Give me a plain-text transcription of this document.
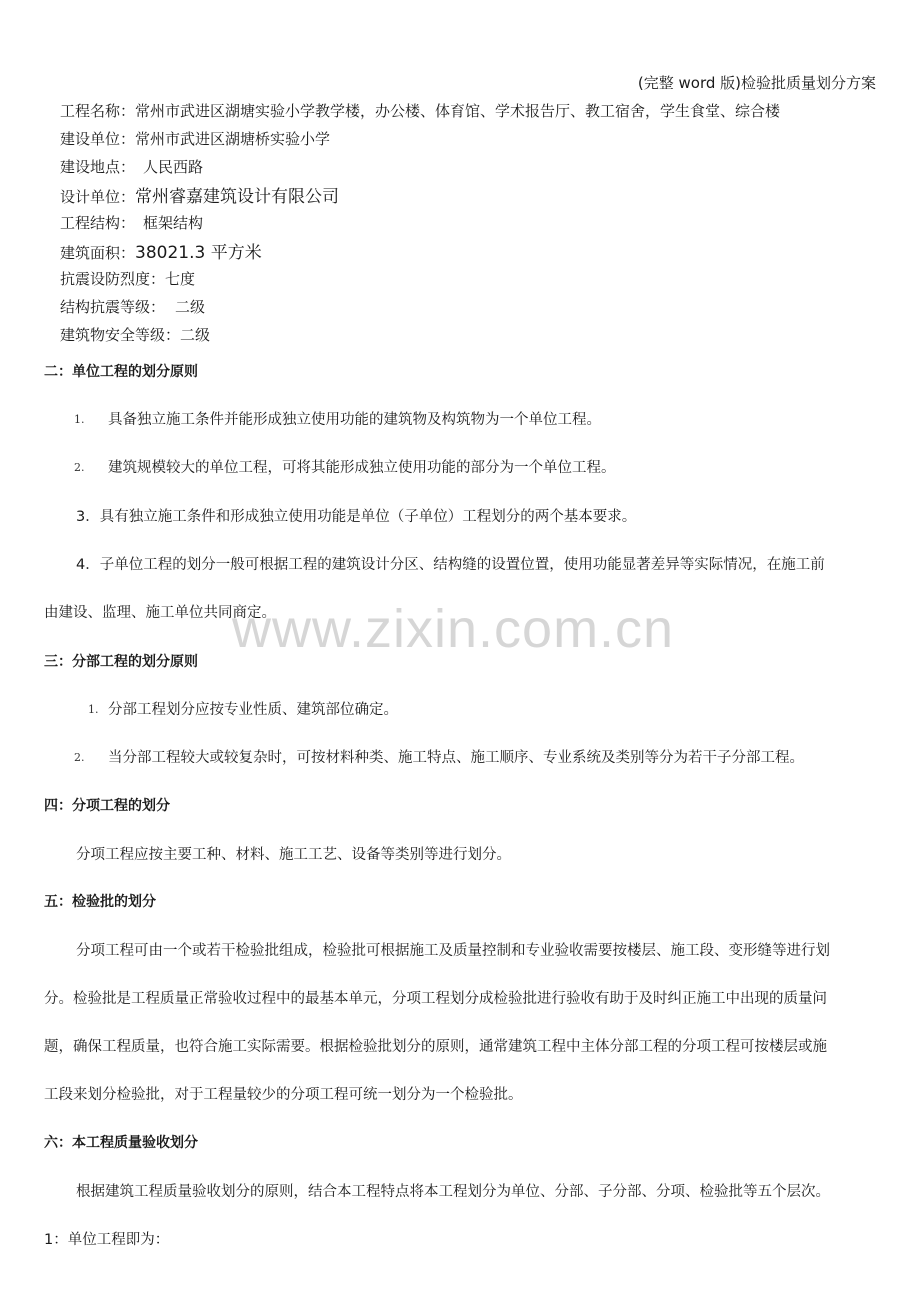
(完整 word 版)检验批质量划分方案
工程名称：常州市武进区湖塘实验小学教学楼，办公楼、体育馆、学术报告厅、教工宿舍，学生食堂、综合楼
建设单位：常州市武进区湖塘桥实验小学
建设地点： 人民西路
设计单位：常州睿嘉建筑设计有限公司
工程结构： 框架结构
建筑面积：38021.3 平方米
抗震设防烈度：七度
结构抗震等级： 二级
建筑物安全等级：二级
二：单位工程的划分原则
1. 具备独立施工条件并能形成独立使用功能的建筑物及构筑物为一个单位工程。
2. 建筑规模较大的单位工程，可将其能形成独立使用功能的部分为一个单位工程。
3．具有独立施工条件和形成独立使用功能是单位（子单位）工程划分的两个基本要求。
4．子单位工程的划分一般可根据工程的建筑设计分区、结构缝的设置位置，使用功能显著差异等实际情况，在施工前
由建设、监理、施工单位共同商定。
www.zixin.com.cn
三：分部工程的划分原则
1. 分部工程划分应按专业性质、建筑部位确定。
2. 当分部工程较大或较复杂时，可按材料种类、施工特点、施工顺序、专业系统及类别等分为若干子分部工程。
四：分项工程的划分
分项工程应按主要工种、材料、施工工艺、设备等类别等进行划分。
五：检验批的划分
分项工程可由一个或若干检验批组成，检验批可根据施工及质量控制和专业验收需要按楼层、施工段、变形缝等进行划
分。检验批是工程质量正常验收过程中的最基本单元，分项工程划分成检验批进行验收有助于及时纠正施工中出现的质量问
题，确保工程质量，也符合施工实际需要。根据检验批划分的原则，通常建筑工程中主体分部工程的分项工程可按楼层或施
工段来划分检验批，对于工程量较少的分项工程可统一划分为一个检验批。
六：本工程质量验收划分
根据建筑工程质量验收划分的原则，结合本工程特点将本工程划分为单位、分部、子分部、分项、检验批等五个层次。
1：单位工程即为：
